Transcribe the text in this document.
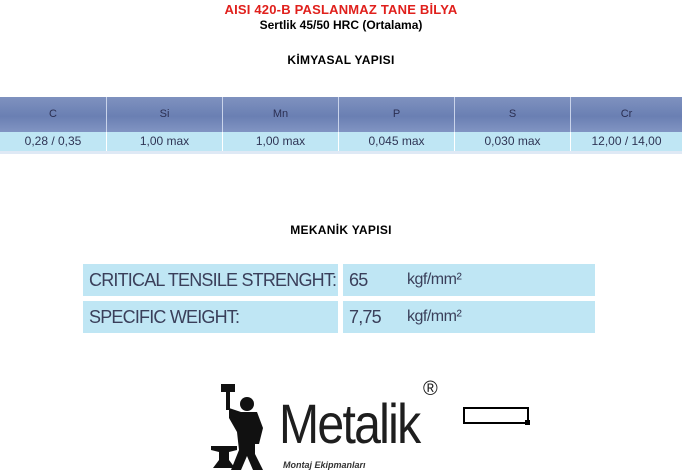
AISI 420-B PASLANMAZ TANE BİLYA
Sertlik 45/50 HRC (Ortalama)
KİMYASAL YAPISI
C	Si	Mn	P	S	Cr
0,28 / 0,35	1,00 max	1,00 max	0,045 max	0,030 max	12,00 / 14,00
MEKANİK YAPISI
CRITICAL TENSILE STRENGHT: 65 kgf/mm²
SPECIFIC WEIGHT:	7,75 kgf/mm²
Metalik
®
Montaj Ekipmanları
